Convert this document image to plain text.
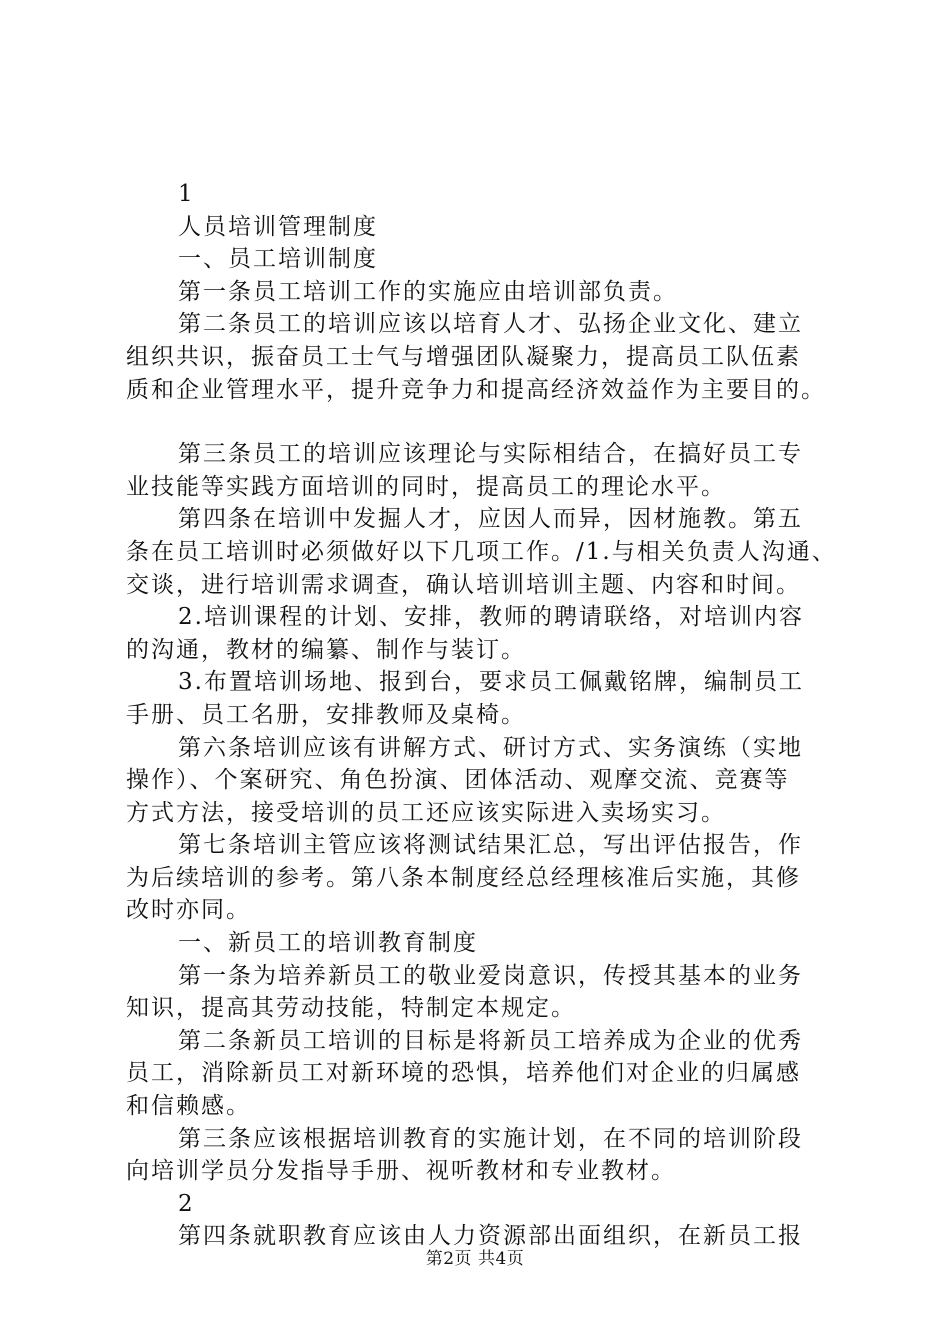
1
人员培训管理制度
一、员工培训制度
第一条员工培训工作的实施应由培训部负责。
第二条员工的培训应该以培育人才、弘扬企业文化、建立
组织共识，振奋员工士气与增强团队凝聚力，提高员工队伍素
质和企业管理水平，提升竞争力和提高经济效益作为主要目的。
第三条员工的培训应该理论与实际相结合，在搞好员工专
业技能等实践方面培训的同时，提高员工的理论水平。
第四条在培训中发掘人才，应因人而异，因材施教。第五
条在员工培训时必须做好以下几项工作。/1.与相关负责人沟通、
交谈，进行培训需求调查，确认培训培训主题、内容和时间。
2.培训课程的计划、安排，教师的聘请联络，对培训内容
的沟通，教材的编纂、制作与装订。
3.布置培训场地、报到台，要求员工佩戴铭牌，编制员工
手册、员工名册，安排教师及桌椅。
第六条培训应该有讲解方式、研讨方式、实务演练（实地
操作）、个案研究、角色扮演、团体活动、观摩交流、竞赛等
方式方法，接受培训的员工还应该实际进入卖场实习。
第七条培训主管应该将测试结果汇总，写出评估报告，作
为后续培训的参考。第八条本制度经总经理核准后实施，其修
改时亦同。
一、新员工的培训教育制度
第一条为培养新员工的敬业爱岗意识，传授其基本的业务
知识，提高其劳动技能，特制定本规定。
第二条新员工培训的目标是将新员工培养成为企业的优秀
员工，消除新员工对新环境的恐惧，培养他们对企业的归属感
和信赖感。
第三条应该根据培训教育的实施计划，在不同的培训阶段
向培训学员分发指导手册、视听教材和专业教材。
2
第四条就职教育应该由人力资源部出面组织，在新员工报
第2页 共4页
